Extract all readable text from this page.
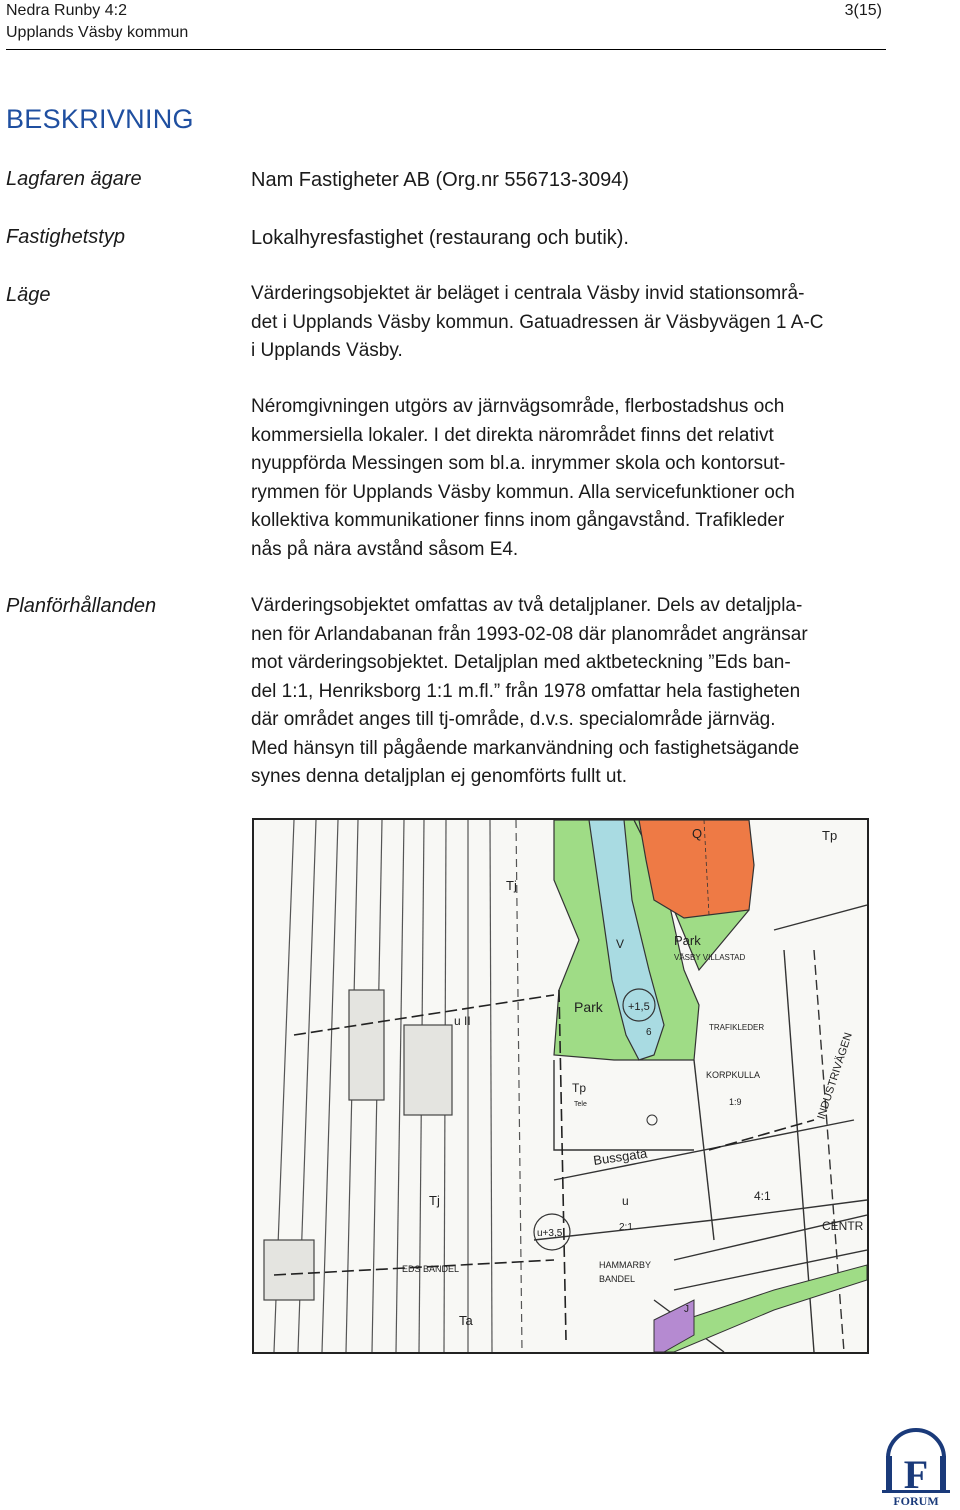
Nedra Runby 4:2
Upplands Väsby kommun
3(15)
BESKRIVNING
Lagfaren ägare	Nam Fastigheter AB (Org.nr 556713-3094)
Fastighetstyp	Lokalhyresfastighet (restaurang och butik).
Läge	Värderingsobjektet är beläget i centrala Väsby invid stationsområ-
det i Upplands Väsby kommun. Gatuadressen är Väsbyvägen 1 A-C
i Upplands Väsby.
Néromgivningen utgörs av järnvägsområde, flerbostadshus och
kommersiella lokaler. I det direkta närområdet finns det relativt
nyuppförda Messingen som bl.a. inrymmer skola och kontorsut-
rymmen för Upplands Väsby kommun. Alla servicefunktioner och
kollektiva kommunikationer finns inom gångavstånd. Trafikleder
nås på nära avstånd såsom E4.
Planförhållanden	Värderingsobjektet omfattas av två detaljplaner. Dels av detaljpla-
nen för Arlandabanan från 1993-02-08 där planområdet angränsar
mot värderingsobjektet. Detaljplan med aktbeteckning ”Eds ban-
del 1:1, Henriksborg 1:1 m.fl.” från 1978 omfattar hela fastigheten
där området anges till tj-område, d.v.s. specialområde järnväg.
Med hänsyn till pågående markanvändning och fastighetsägande
synes denna detaljplan ej genomförts fullt ut.
Q	Tp
Tj
Park
VÄSBY VILLASTAD
V
Park +1,5
6
u II	TRAFIKLEDER
KORPKULLA
1:9	INDUSTRIVÄGEN
Tp
Tele
Bussgata
Tj	u
2:1
4:1
CENTR
u+3,5
EDS BANDEL	HAMMARBY
BANDEL
Ta
J
F
FORUM
